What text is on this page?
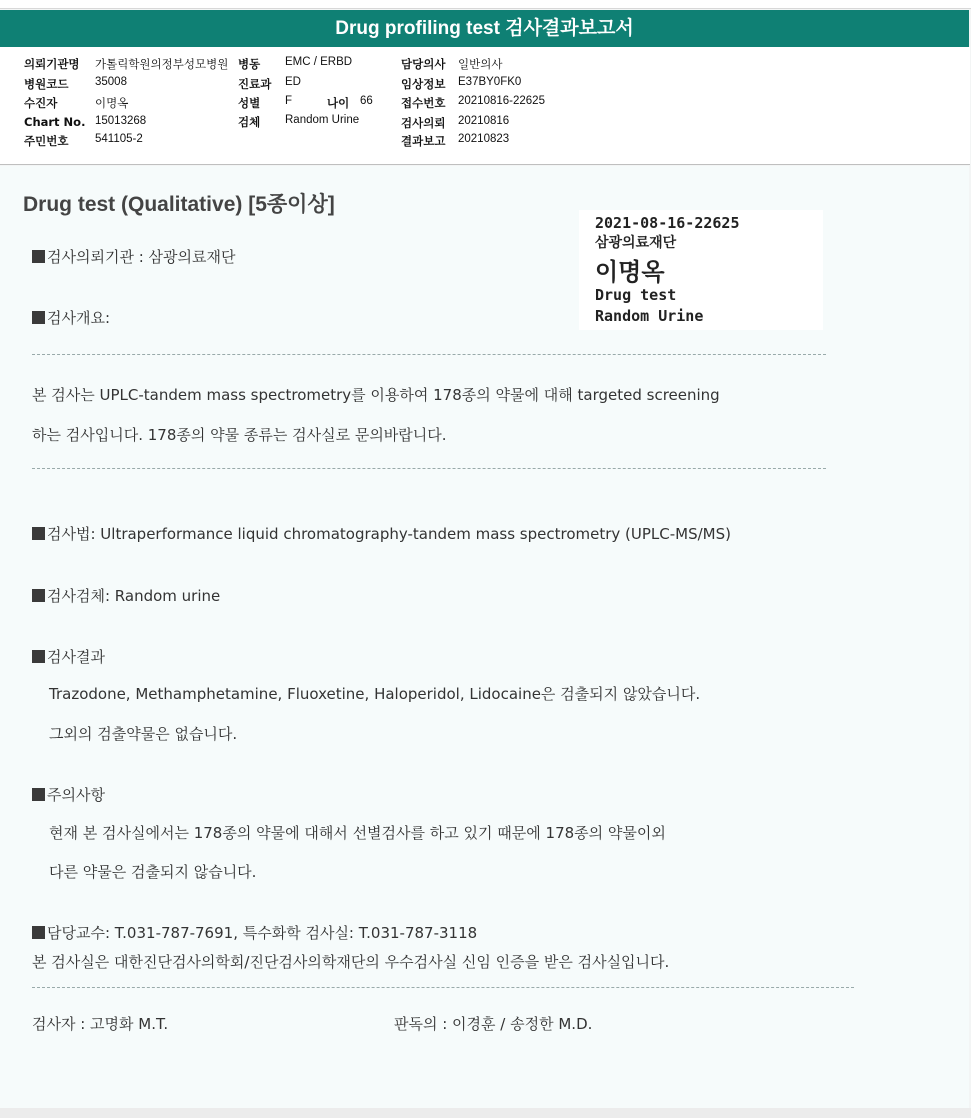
Drug profiling test 검사결과보고서
의뢰기관명 가톨릭학원의정부성모병원
병원코드 35008
수진자	이명옥
Chart No. 15013268
주민번호 541105-2
병동 EMC / ERBD
진료과 ED
성별 F	나이 66
검체 Random Urine
담당의사 일반의사
임상정보 E37BY0FK0
접수번호 20210816-22625
검사의뢰 20210816
결과보고 20210823
Drug test (Qualitative) [5종이상]
2021-08-16-22625
삼광의료재단
이명옥
Drug test
Random Urine
검사의뢰기관 : 삼광의료재단
검사개요:
본 검사는 UPLC-tandem mass spectrometry를 이용하여 178종의 약물에 대해 targeted screening
하는 검사입니다. 178종의 약물 종류는 검사실로 문의바랍니다.
검사법: Ultraperformance liquid chromatography-tandem mass spectrometry (UPLC-MS/MS)
검사검체: Random urine
검사결과
Trazodone, Methamphetamine, Fluoxetine, Haloperidol, Lidocaine은 검출되지 않았습니다.
그외의 검출약물은 없습니다.
주의사항
현재 본 검사실에서는 178종의 약물에 대해서 선별검사를 하고 있기 때문에 178종의 약물이외
다른 약물은 검출되지 않습니다.
담당교수: T.031-787-7691, 특수화학 검사실: T.031-787-3118
본 검사실은 대한진단검사의학회/진단검사의학재단의 우수검사실 신임 인증을 받은 검사실입니다.
검사자 : 고명화 M.T.	판독의 : 이경훈 / 송정한 M.D.
